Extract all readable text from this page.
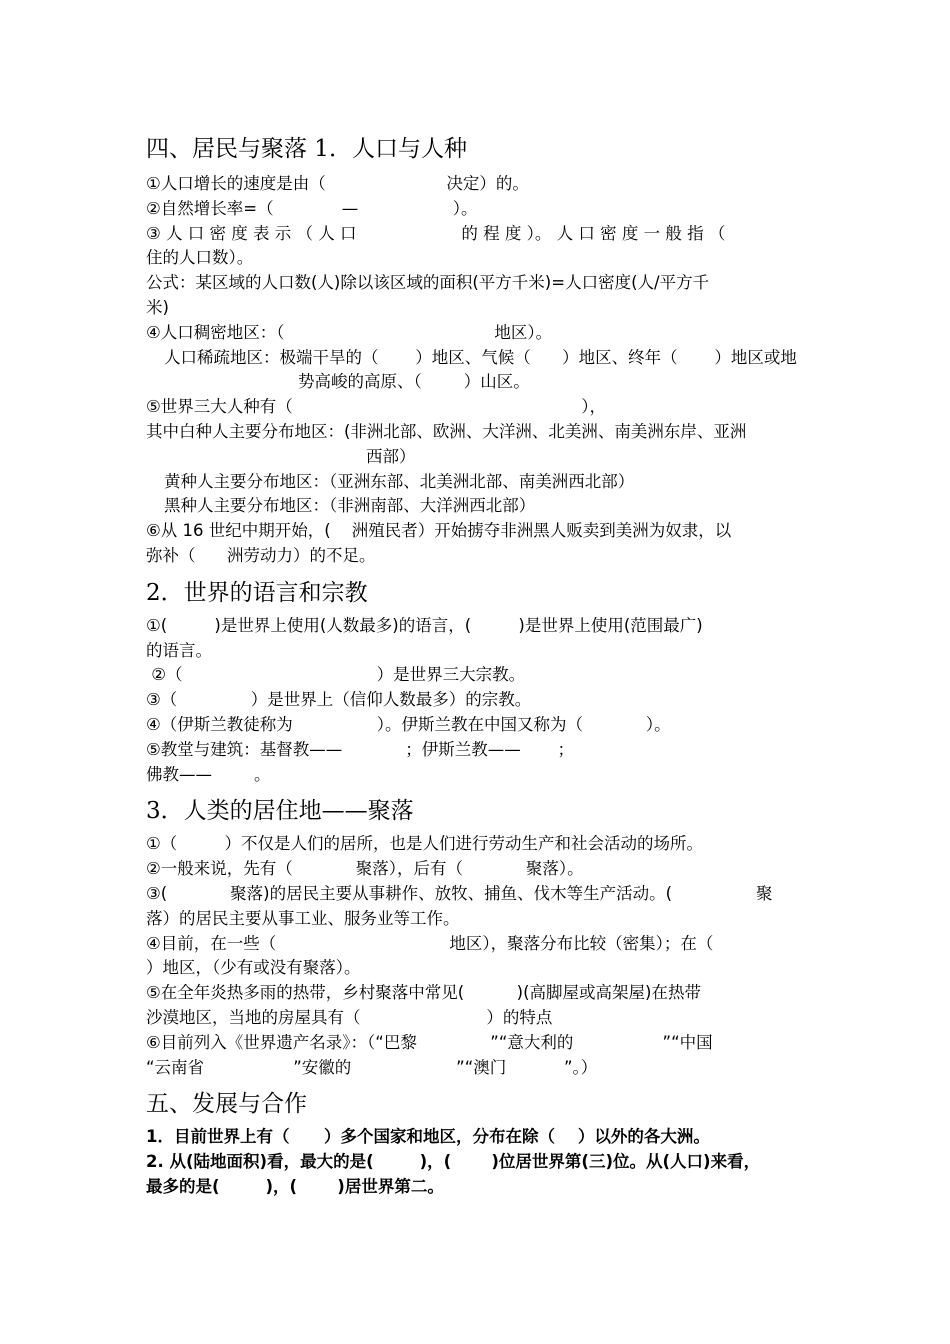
四、居民与聚落 1．人口与人种

①人口增长的速度是由（                       决定）的。

②自然增长率=（             —                  ）。

③ 人 口 密 度 表 示 （ 人 口                    的 程 度 ）。 人 口 密 度 一 般 指 （

住的人口数）。

公式：某区域的人口数(人)除以该区域的面积(平方千米)=人口密度(人/平方千

米)

④人口稠密地区：（                                        地区）。

人口稀疏地区：极端干旱的（       ）地区、气候（      ）地区、终年（       ）地区或地

势高峻的高原、（        ）山区。

⑤世界三大人种有（                                                       ），

其中白种人主要分布地区：(非洲北部、欧洲、大洋洲、北美洲、南美洲东岸、亚洲

西部）

黄种人主要分布地区：（亚洲东部、北美洲北部、南美洲西北部）

黑种人主要分布地区：（非洲南部、大洋洲西北部）

⑥从 16 世纪中期开始，(    洲殖民者）开始掳夺非洲黑人贩卖到美洲为奴隶，以

弥补（      洲劳动力）的不足。

2．世界的语言和宗教

①(         )是世界上使用(人数最多)的语言，(         )是世界上使用(范围最广)

的语言。

②（                                     ）是世界三大宗教。

③（              ）是世界上（信仰人数最多）的宗教。

④（伊斯兰教徒称为                ）。伊斯兰教在中国又称为（            ）。

⑤教堂与建筑：基督教——            ；伊斯兰教——       ；

佛教——        。

3．人类的居住地——聚落

①（         ）不仅是人们的居所，也是人们进行劳动生产和社会活动的场所。

②一般来说，先有（            聚落），后有（            聚落）。

③(            聚落)的居民主要从事耕作、放牧、捕鱼、伐木等生产活动。(                聚

落）的居民主要从事工业、服务业等工作。

④目前，在一些（                                 地区），聚落分布比较（密集）；在（

）地区，（少有或没有聚落）。

⑤在全年炎热多雨的热带，乡村聚落中常见(          )(高脚屋或高架屋)在热带

沙漠地区，当地的房屋具有（                        ）的特点

⑥目前列入《世界遗产名录》：（“巴黎              ”“意大利的                 ”“中国

“云南省                 ”安徽的                    ”“澳门           ”。）

五、发展与合作

1．目前世界上有（      ）多个国家和地区，分布在除（    ）以外的各大洲。

2. 从(陆地面积)看，最大的是(        )，(       )位居世界第(三)位。从(人口)来看，

最多的是(        )，(       )居世界第二。
